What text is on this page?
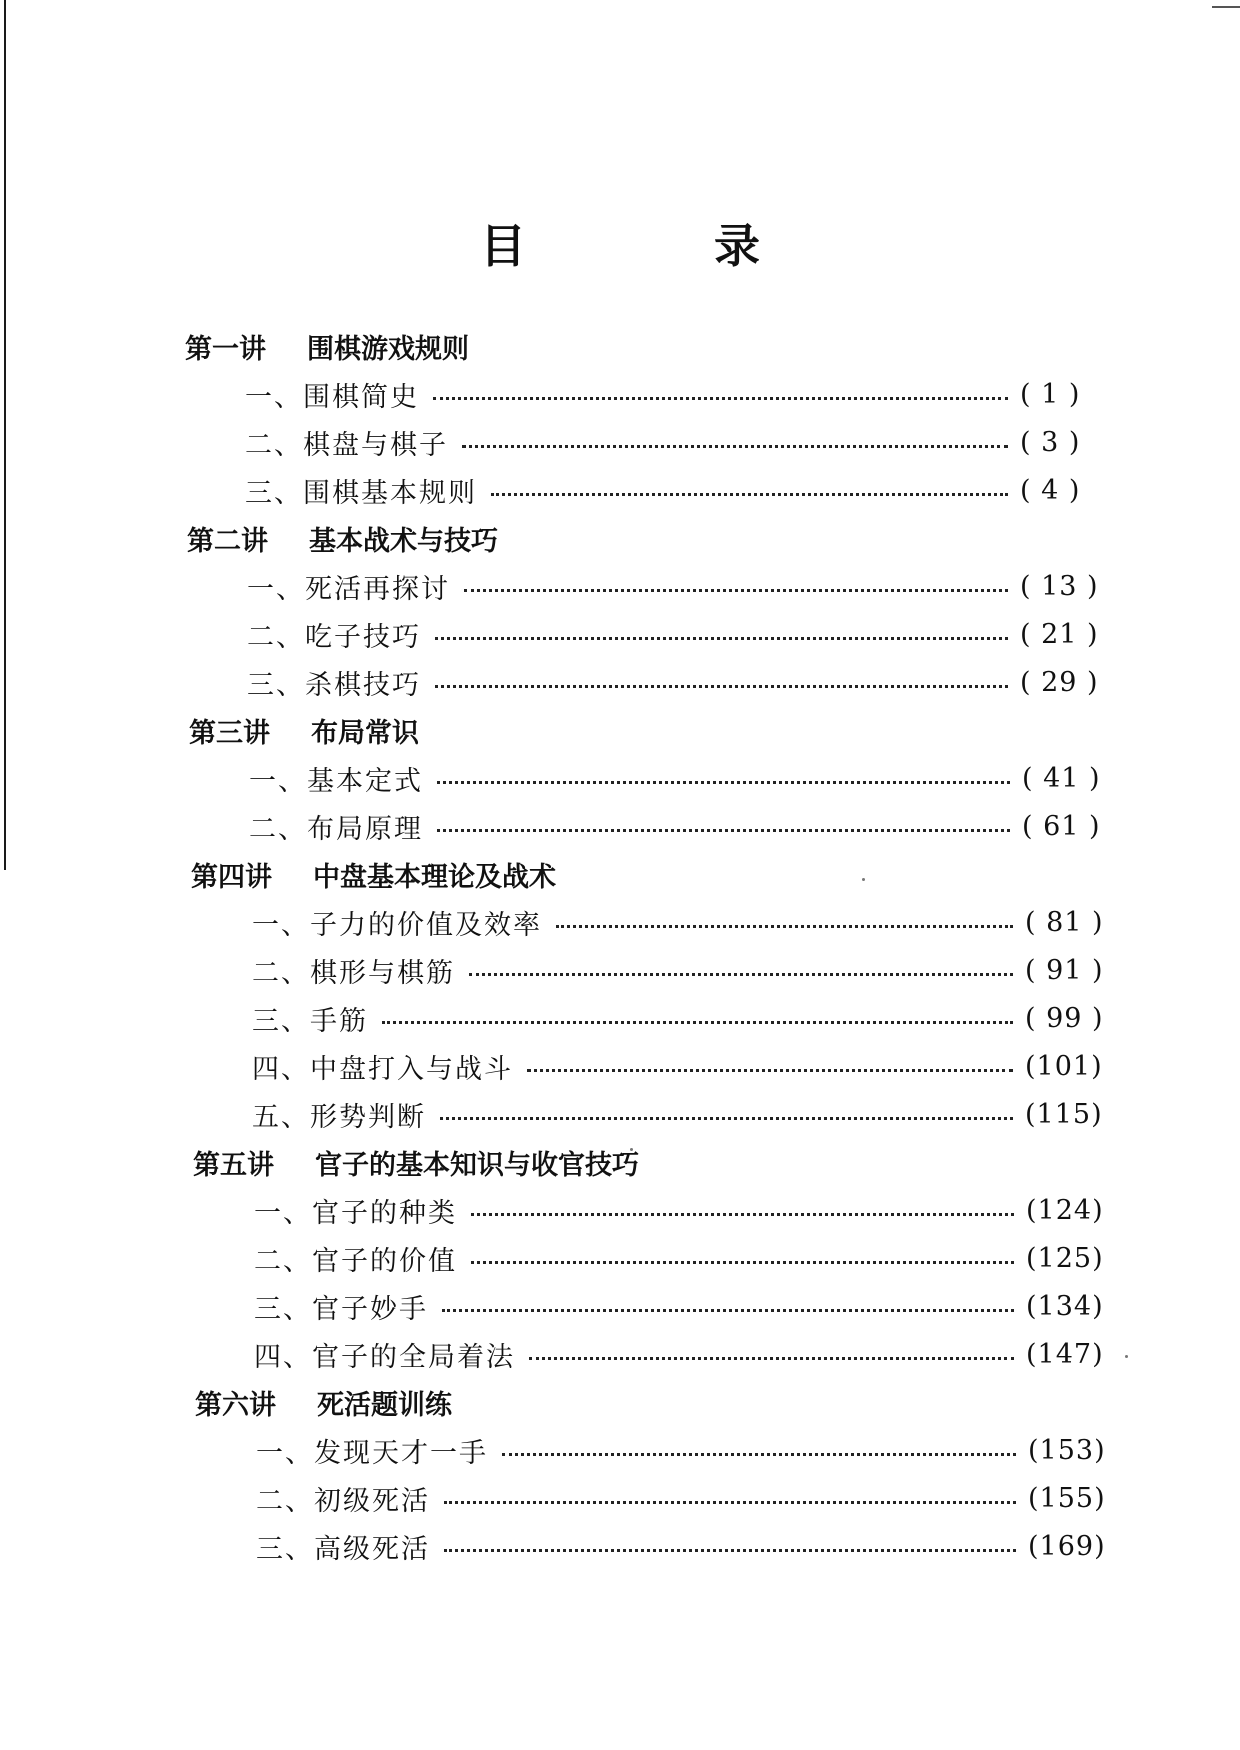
目 录
第一讲	围棋游戏规则
一、围棋简史	( 1 )
二、棋盘与棋子	( 3 )
三、围棋基本规则	( 4 )
第二讲	基本战术与技巧
一、死活再探讨	( 13 )
二、吃子技巧	( 21 )
三、杀棋技巧	( 29 )
第三讲	布局常识
一、基本定式	( 41 )
二、布局原理	( 61 )
第四讲	中盘基本理论及战术
一、子力的价值及效率	( 81 )
二、棋形与棋筋	( 91 )
三、手筋	( 99 )
四、中盘打入与战斗	(101)
五、形势判断	(115)
第五讲	官子的基本知识与收官技巧
一、官子的种类	(124)
二、官子的价值	(125)
三、官子妙手	(134)
四、官子的全局着法	(147)
第六讲	死活题训练
一、发现天才一手	(153)
二、初级死活	(155)
三、高级死活	(169)
